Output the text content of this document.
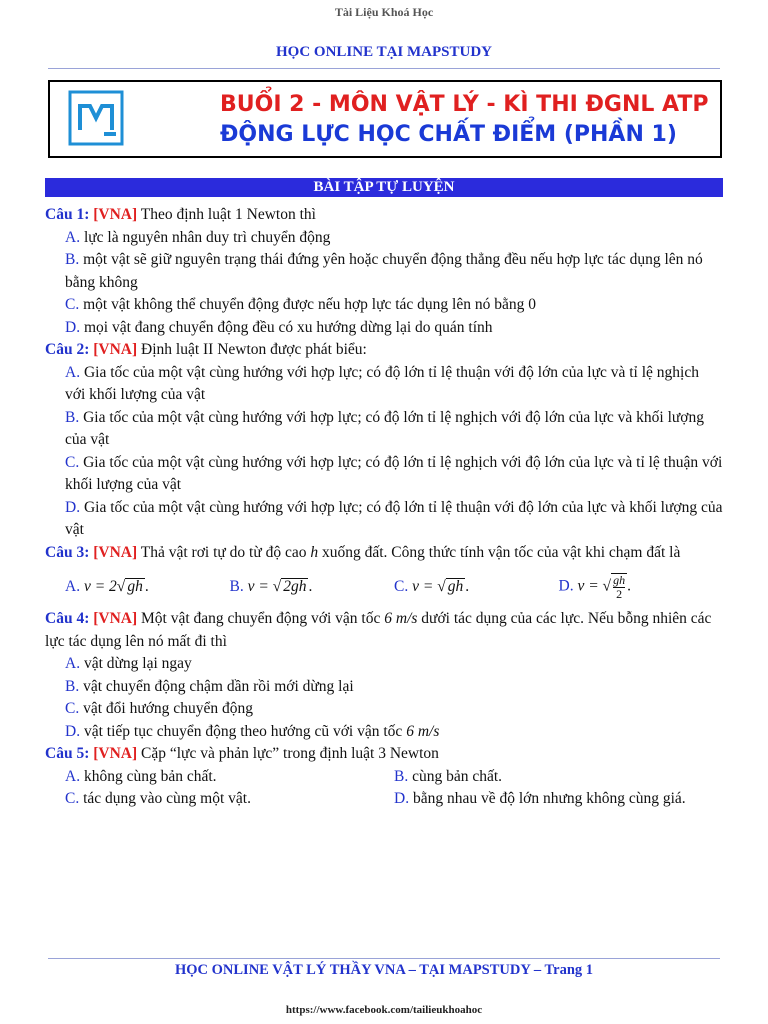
Tài Liệu Khoá Học
HỌC ONLINE TẠI MAPSTUDY
BUỔI 2 - MÔN VẬT LÝ - KÌ THI ĐGNL ATP
ĐỘNG LỰC HỌC CHẤT ĐIỂM (PHẦN 1)
BÀI TẬP TỰ LUYỆN

Câu 1: [VNA] Theo định luật 1 Newton thì

A. lực là nguyên nhân duy trì chuyển động

B. một vật sẽ giữ nguyên trạng thái đứng yên hoặc chuyển động thẳng đều nếu hợp lực tác dụng lên nó bằng không

C. một vật không thể chuyển động được nếu hợp lực tác dụng lên nó bằng 0

D. mọi vật đang chuyển động đều có xu hướng dừng lại do quán tính

Câu 2: [VNA] Định luật II Newton được phát biểu:

A. Gia tốc của một vật cùng hướng với hợp lực; có độ lớn tỉ lệ thuận với độ lớn của lực và tỉ lệ nghịch với khối lượng của vật

B. Gia tốc của một vật cùng hướng với hợp lực; có độ lớn tỉ lệ nghịch với độ lớn của lực và khối lượng của vật

C. Gia tốc của một vật cùng hướng với hợp lực; có độ lớn tỉ lệ nghịch với độ lớn của lực và tỉ lệ thuận với khối lượng của vật

D. Gia tốc của một vật cùng hướng với hợp lực; có độ lớn tỉ lệ thuận với độ lớn của lực và khối lượng của vật

Câu 3: [VNA] Thả vật rơi tự do từ độ cao h xuống đất. Công thức tính vận tốc của vật khi chạm đất là

A. v = 2√ gh .	B. v = √ 2gh .	C. v = √ gh .	D. v = √ $\frac{gh}{2}$ .

Câu 4: [VNA] Một vật đang chuyển động với vận tốc 6 m/s dưới tác dụng của các lực. Nếu bỗng nhiên các lực tác dụng lên nó mất đi thì

A. vật dừng lại ngay

B. vật chuyển động chậm dần rồi mới dừng lại

C. vật đổi hướng chuyển động

D. vật tiếp tục chuyển động theo hướng cũ với vận tốc 6 m/s

Câu 5: [VNA] Cặp “lực và phản lực” trong định luật 3 Newton

A. không cùng bản chất.	B. cùng bản chất.
C. tác dụng vào cùng một vật.	D. bằng nhau về độ lớn nhưng không cùng giá.
HỌC ONLINE VẬT LÝ THẦY VNA – TẠI MAPSTUDY – Trang 1
https://www.facebook.com/tailieukhoahoc
